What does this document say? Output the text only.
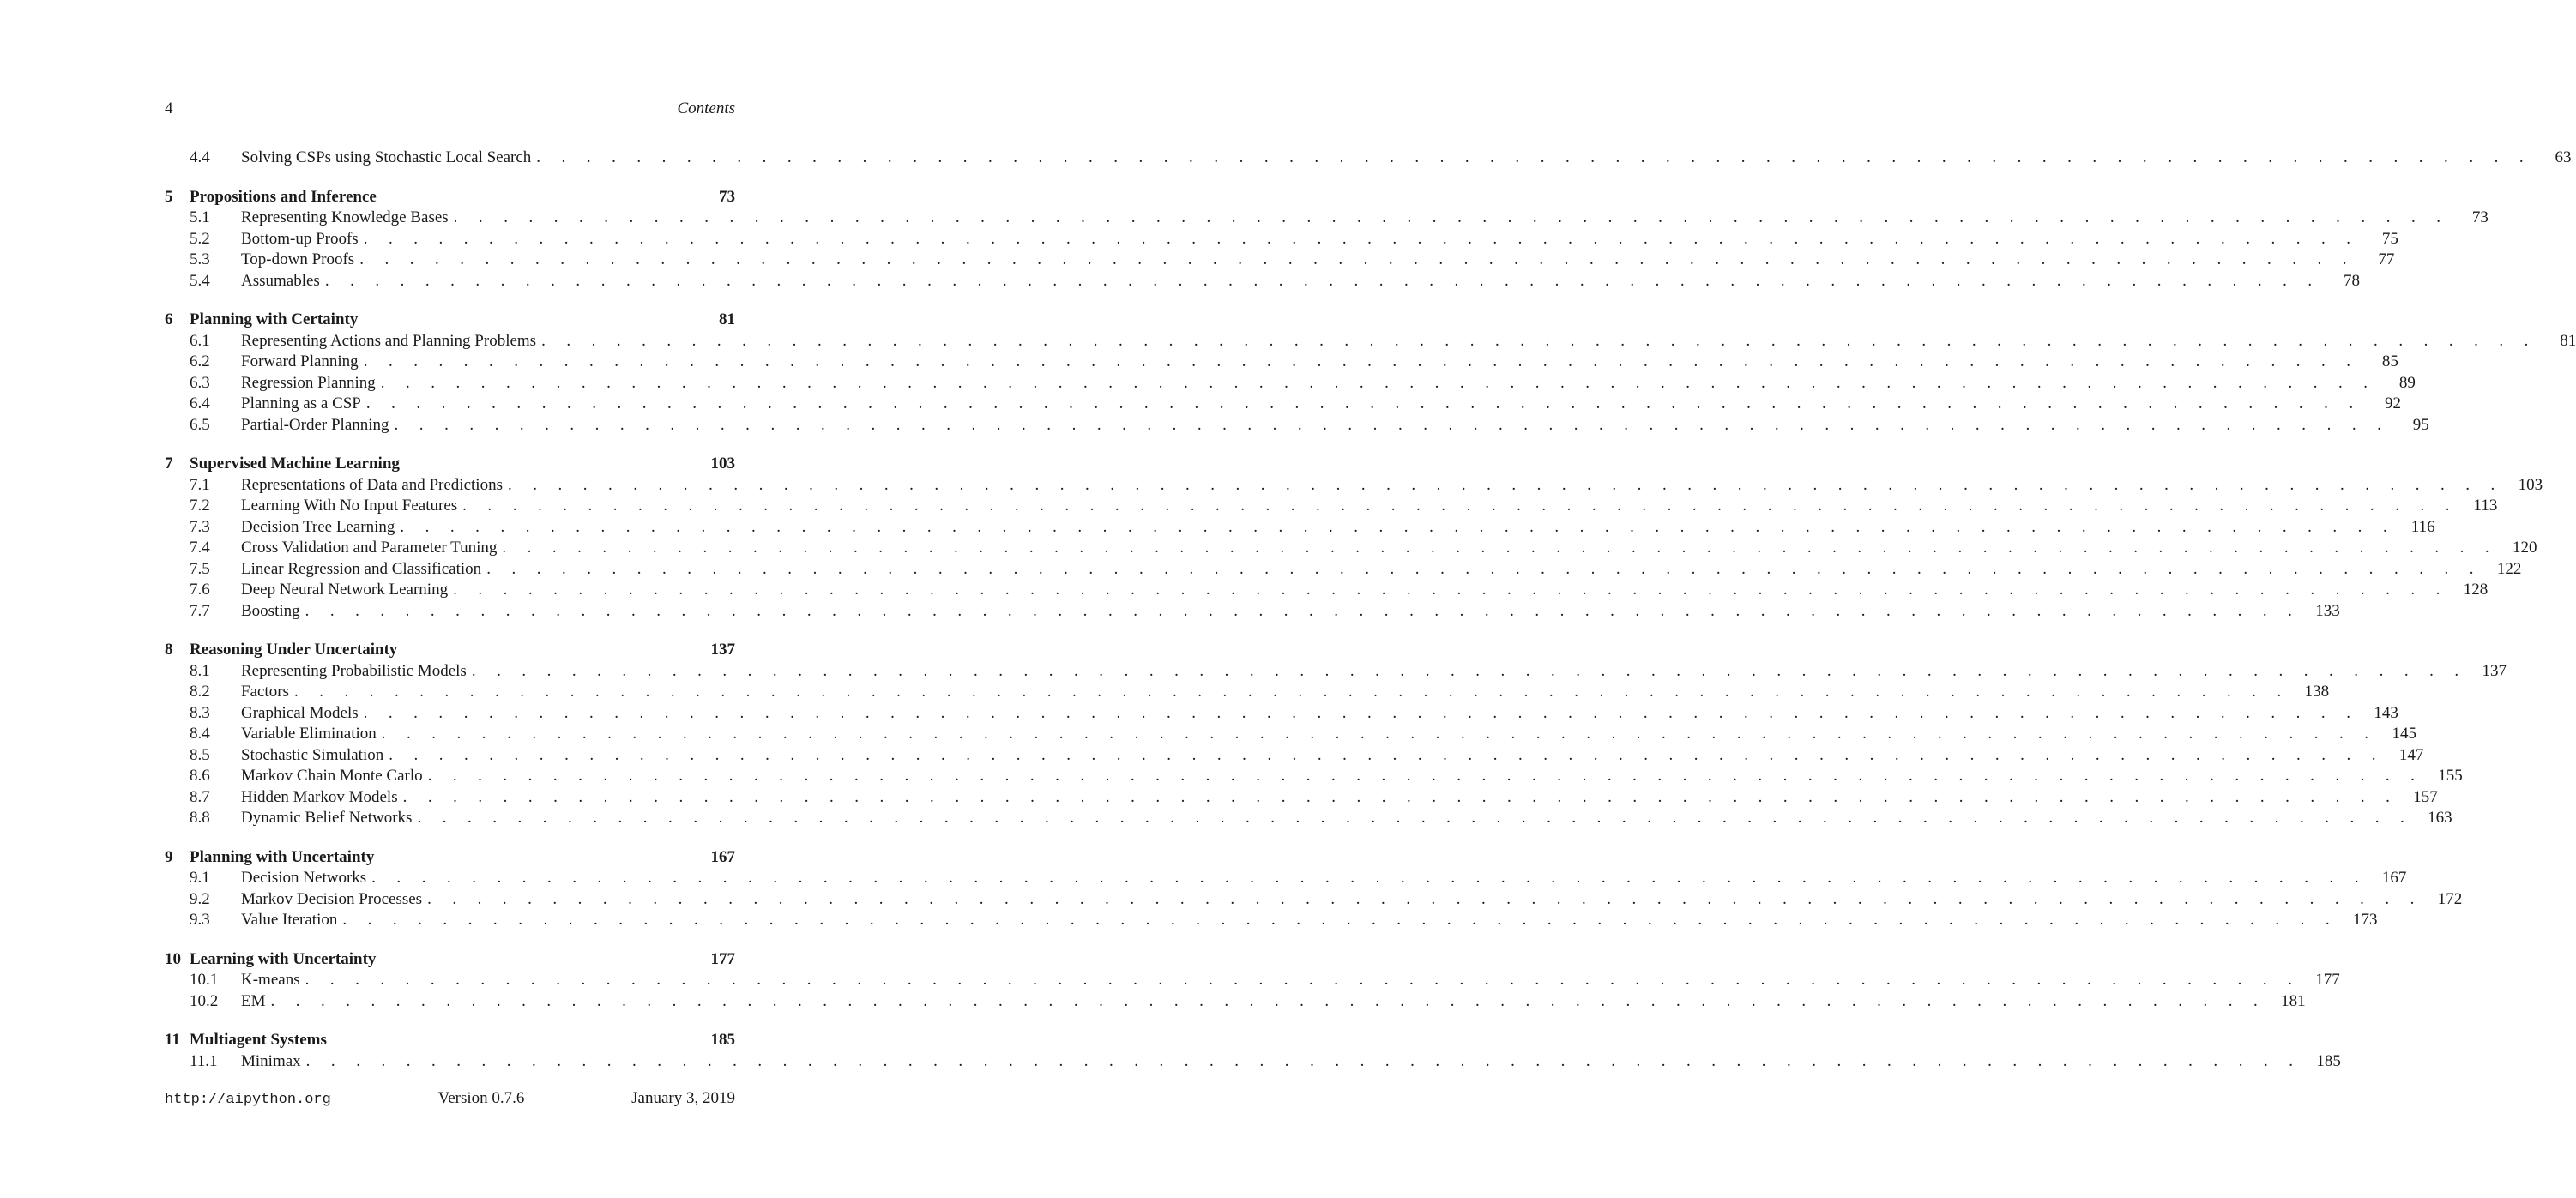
4	Contents
4.4	Solving CSPs using Stochastic Local Search . . . . . . . . . . . . . . . . . . . . . . . . . . . . . . . . . . . . . . . . . . . . . . . . . . . . . . . . . . . . . . . . . . . . . . . . . . . . . . . .	63
5	Propositions and Inference	73
5.1	Representing Knowledge Bases . . . . . . . . . . . . . . . . . . . . . . . . . . . . . . . . . . . . . . . . . . . . . . . . . . . . . . . . . . . . . . . . . . . . . . . . . . . . . . . .	73
5.2	Bottom-up Proofs . . . . . . . . . . . . . . . . . . . . . . . . . . . . . . . . . . . . . . . . . . . . . . . . . . . . . . . . . . . . . . . . . . . . . . . . . . . . . . . .	75
5.3	Top-down Proofs . . . . . . . . . . . . . . . . . . . . . . . . . . . . . . . . . . . . . . . . . . . . . . . . . . . . . . . . . . . . . . . . . . . . . . . . . . . . . . . .	77
5.4	Assumables . . . . . . . . . . . . . . . . . . . . . . . . . . . . . . . . . . . . . . . . . . . . . . . . . . . . . . . . . . . . . . . . . . . . . . . . . . . . . . . .	78
6	Planning with Certainty	81
6.1	Representing Actions and Planning Problems . . . . . . . . . . . . . . . . . . . . . . . . . . . . . . . . . . . . . . . . . . . . . . . . . . . . . . . . . . . . . . . . . . . . . . . . . . . . . . . .	81
6.2	Forward Planning . . . . . . . . . . . . . . . . . . . . . . . . . . . . . . . . . . . . . . . . . . . . . . . . . . . . . . . . . . . . . . . . . . . . . . . . . . . . . . . .	85
6.3	Regression Planning . . . . . . . . . . . . . . . . . . . . . . . . . . . . . . . . . . . . . . . . . . . . . . . . . . . . . . . . . . . . . . . . . . . . . . . . . . . . . . . .	89
6.4	Planning as a CSP . . . . . . . . . . . . . . . . . . . . . . . . . . . . . . . . . . . . . . . . . . . . . . . . . . . . . . . . . . . . . . . . . . . . . . . . . . . . . . . .	92
6.5	Partial-Order Planning . . . . . . . . . . . . . . . . . . . . . . . . . . . . . . . . . . . . . . . . . . . . . . . . . . . . . . . . . . . . . . . . . . . . . . . . . . . . . . . .	95
7	Supervised Machine Learning	103
7.1	Representations of Data and Predictions . . . . . . . . . . . . . . . . . . . . . . . . . . . . . . . . . . . . . . . . . . . . . . . . . . . . . . . . . . . . . . . . . . . . . . . . . . . . . . . . 103
7.2	Learning With No Input Features . . . . . . . . . . . . . . . . . . . . . . . . . . . . . . . . . . . . . . . . . . . . . . . . . . . . . . . . . . . . . . . . . . . . . . . . . . . . . . . . 113
7.3	Decision Tree Learning . . . . . . . . . . . . . . . . . . . . . . . . . . . . . . . . . . . . . . . . . . . . . . . . . . . . . . . . . . . . . . . . . . . . . . . . . . . . . . . . 116
7.4	Cross Validation and Parameter Tuning . . . . . . . . . . . . . . . . . . . . . . . . . . . . . . . . . . . . . . . . . . . . . . . . . . . . . . . . . . . . . . . . . . . . . . . . . . . . . . . . 120
7.5	Linear Regression and Classification . . . . . . . . . . . . . . . . . . . . . . . . . . . . . . . . . . . . . . . . . . . . . . . . . . . . . . . . . . . . . . . . . . . . . . . . . . . . . . . . 122
7.6	Deep Neural Network Learning . . . . . . . . . . . . . . . . . . . . . . . . . . . . . . . . . . . . . . . . . . . . . . . . . . . . . . . . . . . . . . . . . . . . . . . . . . . . . . . . 128
7.7	Boosting . . . . . . . . . . . . . . . . . . . . . . . . . . . . . . . . . . . . . . . . . . . . . . . . . . . . . . . . . . . . . . . . . . . . . . . . . . . . . . . . 133
8	Reasoning Under Uncertainty	137
8.1	Representing Probabilistic Models . . . . . . . . . . . . . . . . . . . . . . . . . . . . . . . . . . . . . . . . . . . . . . . . . . . . . . . . . . . . . . . . . . . . . . . . . . . . . . . . 137
8.2	Factors . . . . . . . . . . . . . . . . . . . . . . . . . . . . . . . . . . . . . . . . . . . . . . . . . . . . . . . . . . . . . . . . . . . . . . . . . . . . . . . . 138
8.3	Graphical Models . . . . . . . . . . . . . . . . . . . . . . . . . . . . . . . . . . . . . . . . . . . . . . . . . . . . . . . . . . . . . . . . . . . . . . . . . . . . . . . . 143
8.4	Variable Elimination . . . . . . . . . . . . . . . . . . . . . . . . . . . . . . . . . . . . . . . . . . . . . . . . . . . . . . . . . . . . . . . . . . . . . . . . . . . . . . . . 145
8.5	Stochastic Simulation . . . . . . . . . . . . . . . . . . . . . . . . . . . . . . . . . . . . . . . . . . . . . . . . . . . . . . . . . . . . . . . . . . . . . . . . . . . . . . . . 147
8.6	Markov Chain Monte Carlo . . . . . . . . . . . . . . . . . . . . . . . . . . . . . . . . . . . . . . . . . . . . . . . . . . . . . . . . . . . . . . . . . . . . . . . . . . . . . . . . 155
8.7	Hidden Markov Models . . . . . . . . . . . . . . . . . . . . . . . . . . . . . . . . . . . . . . . . . . . . . . . . . . . . . . . . . . . . . . . . . . . . . . . . . . . . . . . . 157
8.8	Dynamic Belief Networks . . . . . . . . . . . . . . . . . . . . . . . . . . . . . . . . . . . . . . . . . . . . . . . . . . . . . . . . . . . . . . . . . . . . . . . . . . . . . . . . 163
9	Planning with Uncertainty	167
9.1	Decision Networks . . . . . . . . . . . . . . . . . . . . . . . . . . . . . . . . . . . . . . . . . . . . . . . . . . . . . . . . . . . . . . . . . . . . . . . . . . . . . . . . 167
9.2	Markov Decision Processes . . . . . . . . . . . . . . . . . . . . . . . . . . . . . . . . . . . . . . . . . . . . . . . . . . . . . . . . . . . . . . . . . . . . . . . . . . . . . . . . 172
9.3	Value Iteration . . . . . . . . . . . . . . . . . . . . . . . . . . . . . . . . . . . . . . . . . . . . . . . . . . . . . . . . . . . . . . . . . . . . . . . . . . . . . . . . 173
10 Learning with Uncertainty	177
10.1	K-means . . . . . . . . . . . . . . . . . . . . . . . . . . . . . . . . . . . . . . . . . . . . . . . . . . . . . . . . . . . . . . . . . . . . . . . . . . . . . . . . 177
10.2	EM . . . . . . . . . . . . . . . . . . . . . . . . . . . . . . . . . . . . . . . . . . . . . . . . . . . . . . . . . . . . . . . . . . . . . . . . . . . . . . . . 181
11 Multiagent Systems	185
11.1	Minimax . . . . . . . . . . . . . . . . . . . . . . . . . . . . . . . . . . . . . . . . . . . . . . . . . . . . . . . . . . . . . . . . . . . . . . . . . . . . . . . . 185
http://aipython.org	Version 0.7.6	January 3, 2019
